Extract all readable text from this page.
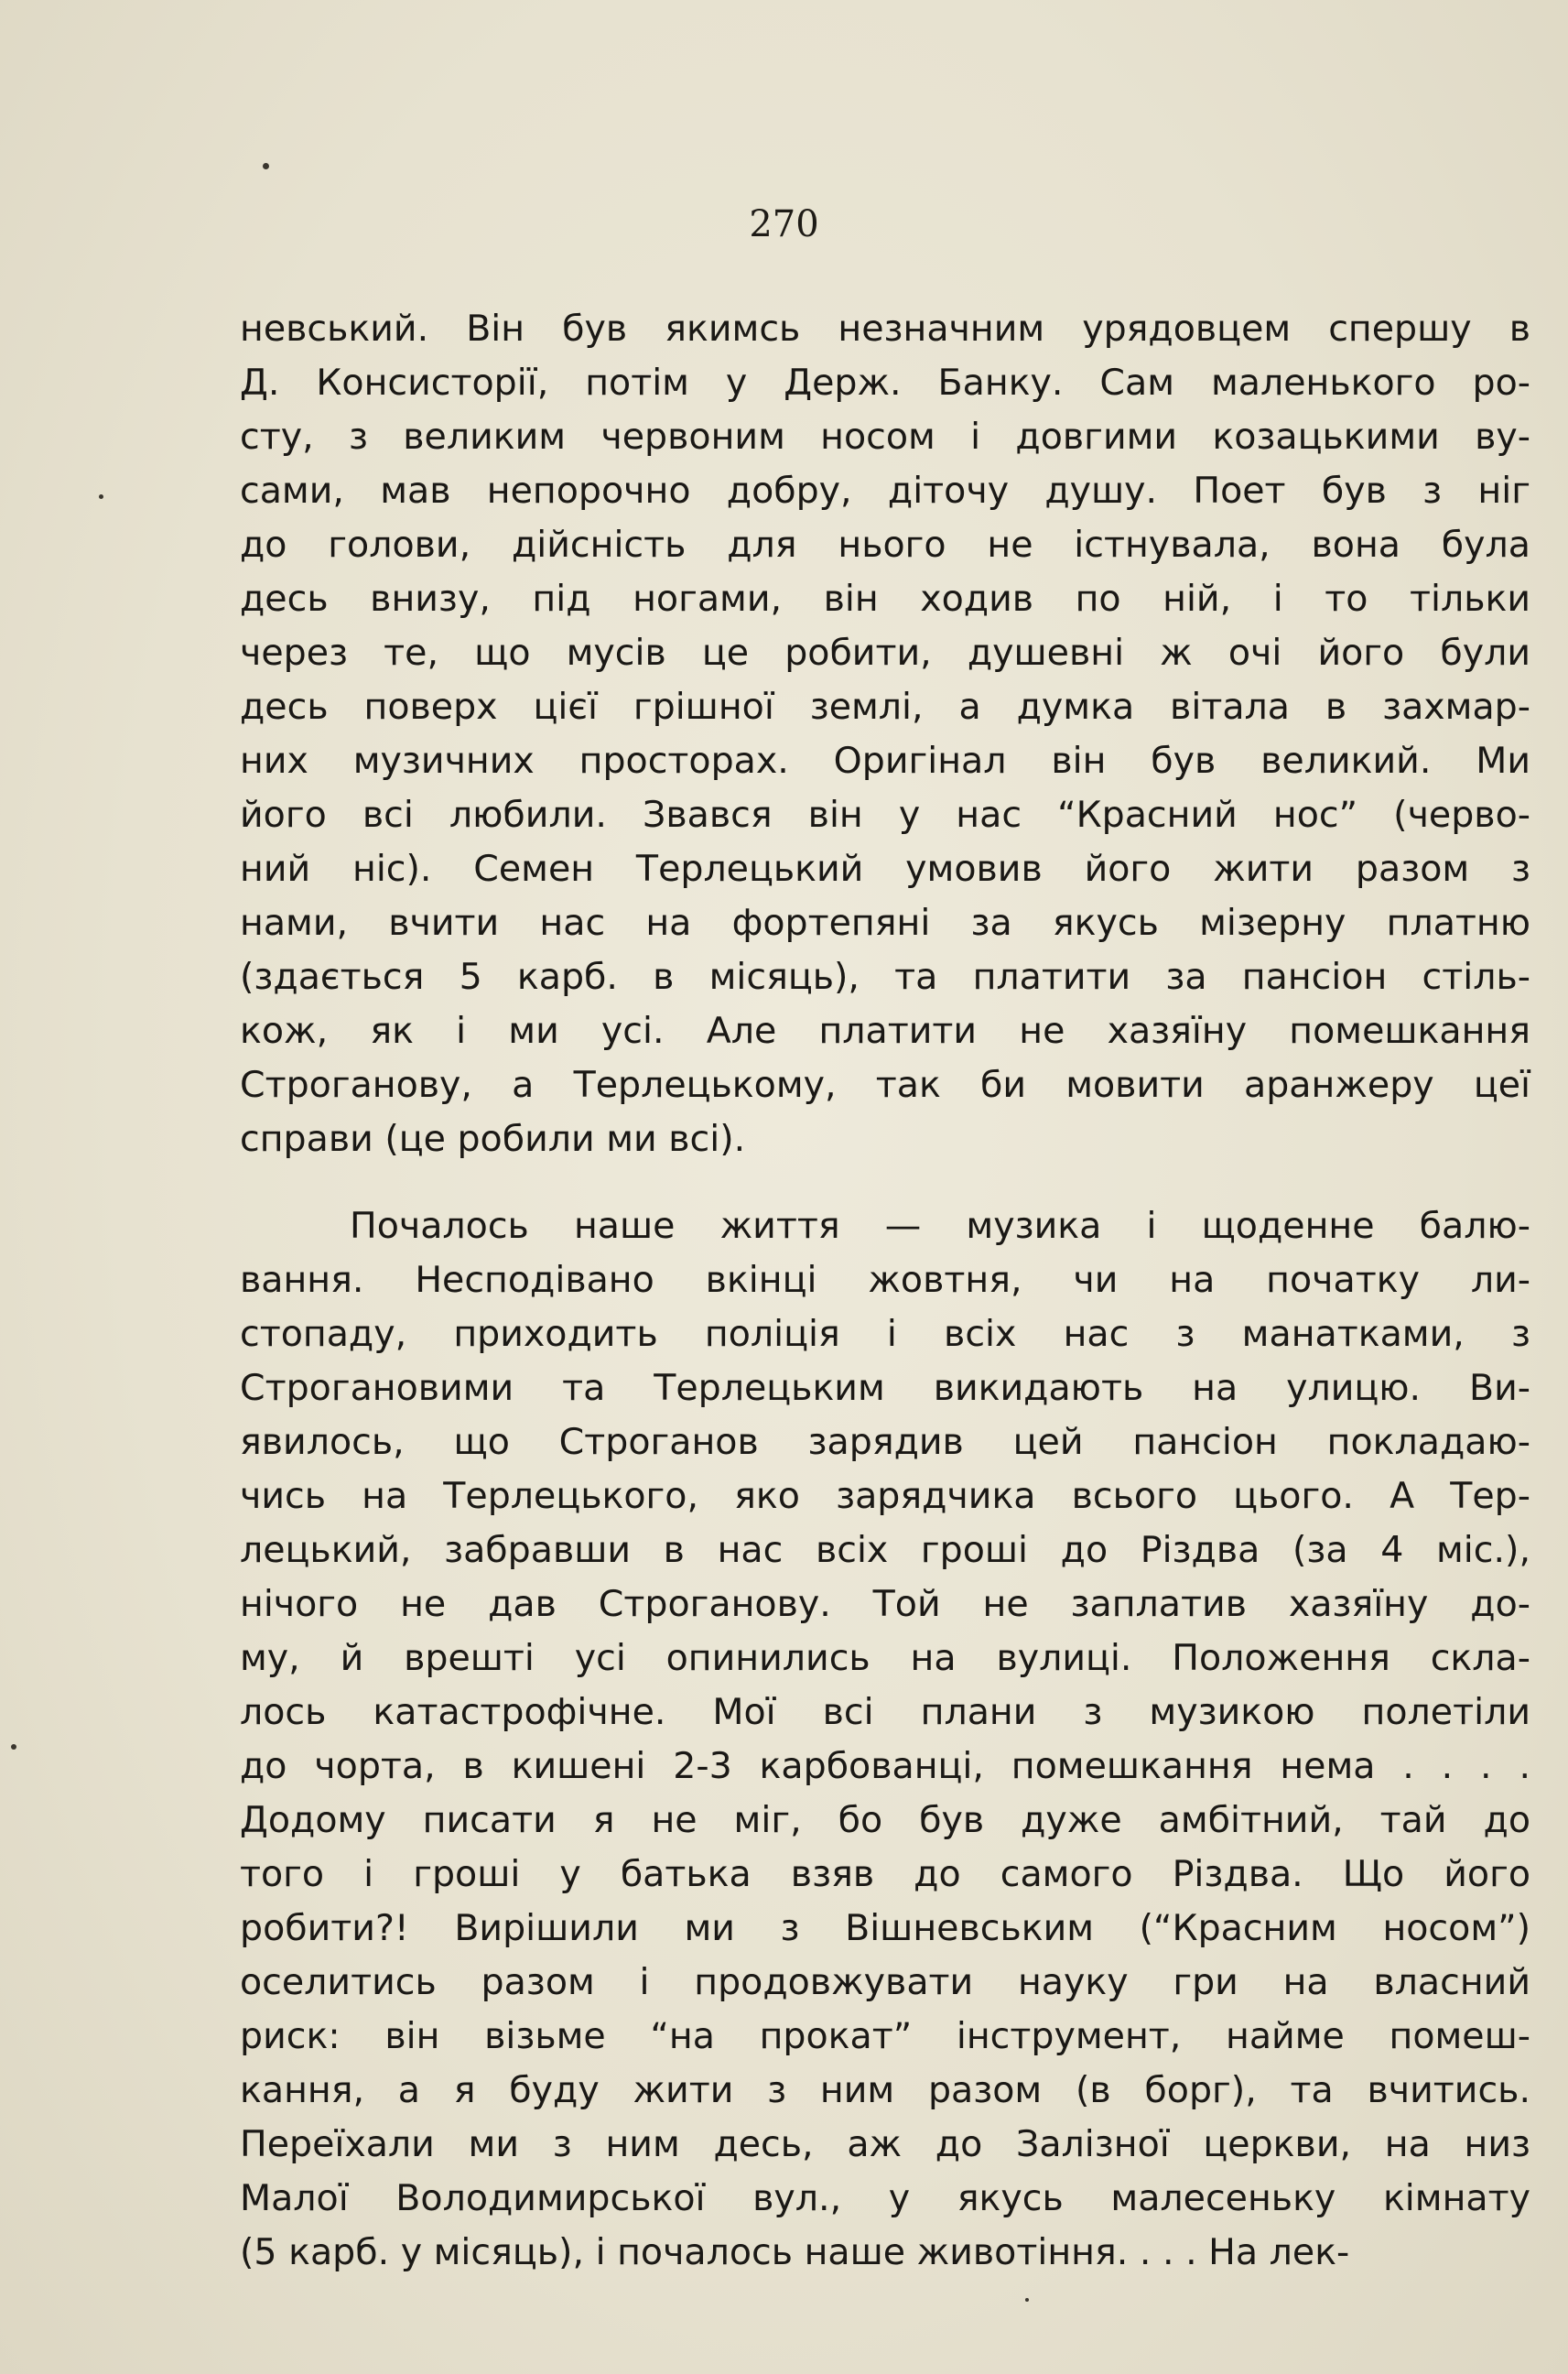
270
невський. Він був якимсь незначним урядовцем спершу в
Д. Консисторії, потім у Держ. Банку. Сам маленького ро-
сту, з великим червоним носом і довгими козацькими ву-
сами, мав непорочно добру, діточу душу. Поет був з ніг
до голови, дійсність для нього не істнувала, вона була
десь внизу, під ногами, він ходив по ній, і то тільки
через те, що мусів це робити, душевні ж очі його були
десь поверх цієї грішної землі, а думка вітала в захмар-
них музичних просторах. Оригінал він був великий. Ми
його всі любили. Звався він у нас “Красний нос” (черво-
ний ніс). Семен Терлецький умовив його жити разом з
нами, вчити нас на фортепяні за якусь мізерну платню
(здається 5 карб. в місяць), та платити за пансіон стіль-
кож, як і ми усі. Але платити не хазяїну помешкання
Строганову, а Терлецькому, так би мовити аранжеру цеї
справи (це робили ми всі).
Почалось наше життя — музика і щоденне балю-
вання. Несподівано вкінці жовтня, чи на початку ли-
стопаду, приходить поліція і всіх нас з манатками, з
Строгановими та Терлецьким викидають на улицю. Ви-
явилось, що Строганов зарядив цей пансіон покладаю-
чись на Терлецького, яко зарядчика всього цього. А Тер-
лецький, забравши в нас всіх гроші до Різдва (за 4 міс.),
нічого не дав Строганову. Той не заплатив хазяїну до-
му, й врешті усі опинились на вулиці. Положення скла-
лось катастрофічне. Мої всі плани з музикою полетіли
до чорта, в кишені 2-3 карбованці, помешкання нема . . . .
Додому писати я не міг, бо був дуже амбітний, тай до
того і гроші у батька взяв до самого Різдва. Що його
робити?! Вирішили ми з Вішневським (“Красним носом”)
оселитись разом і продовжувати науку гри на власний
риск: він візьме “на прокат” інструмент, найме помеш-
кання, а я буду жити з ним разом (в борг), та вчитись.
Переїхали ми з ним десь, аж до Залізної церкви, на низ
Малої Володимирської вул., у якусь малесеньку кімнату
(5 карб. у місяць), і почалось наше животіння. . . . На лек-
